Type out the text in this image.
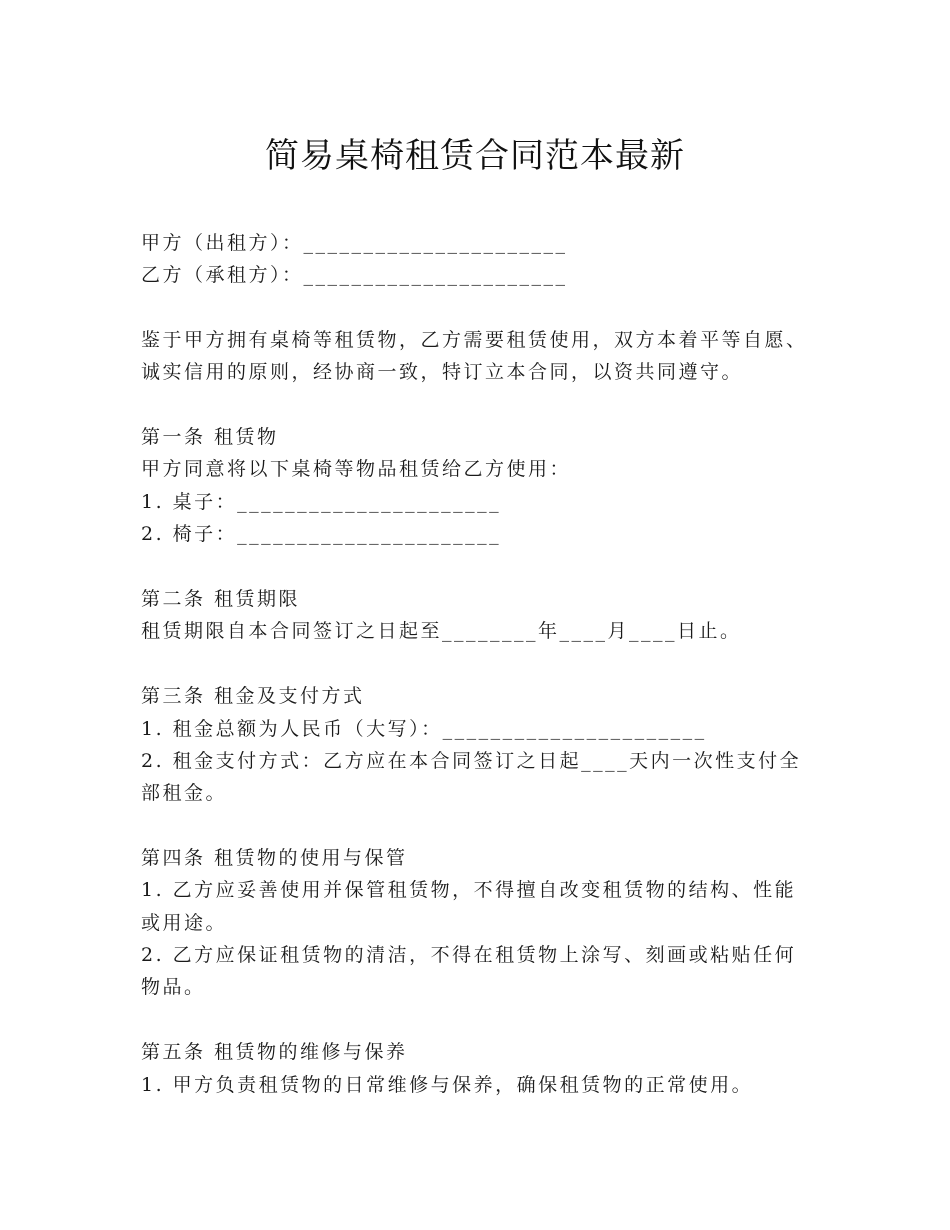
简易桌椅租赁合同范本最新
甲方（出租方）：______________________
乙方（承租方）：______________________
鉴于甲方拥有桌椅等租赁物，乙方需要租赁使用，双方本着平等自愿、
诚实信用的原则，经协商一致，特订立本合同，以资共同遵守。
第一条 租赁物
甲方同意将以下桌椅等物品租赁给乙方使用：
1. 桌子：______________________
2. 椅子：______________________
第二条 租赁期限
租赁期限自本合同签订之日起至________年____月____日止。
第三条 租金及支付方式
1. 租金总额为人民币（大写）：______________________
2. 租金支付方式：乙方应在本合同签订之日起____天内一次性支付全
部租金。
第四条 租赁物的使用与保管
1. 乙方应妥善使用并保管租赁物，不得擅自改变租赁物的结构、性能
或用途。
2. 乙方应保证租赁物的清洁，不得在租赁物上涂写、刻画或粘贴任何
物品。
第五条 租赁物的维修与保养
1. 甲方负责租赁物的日常维修与保养，确保租赁物的正常使用。
